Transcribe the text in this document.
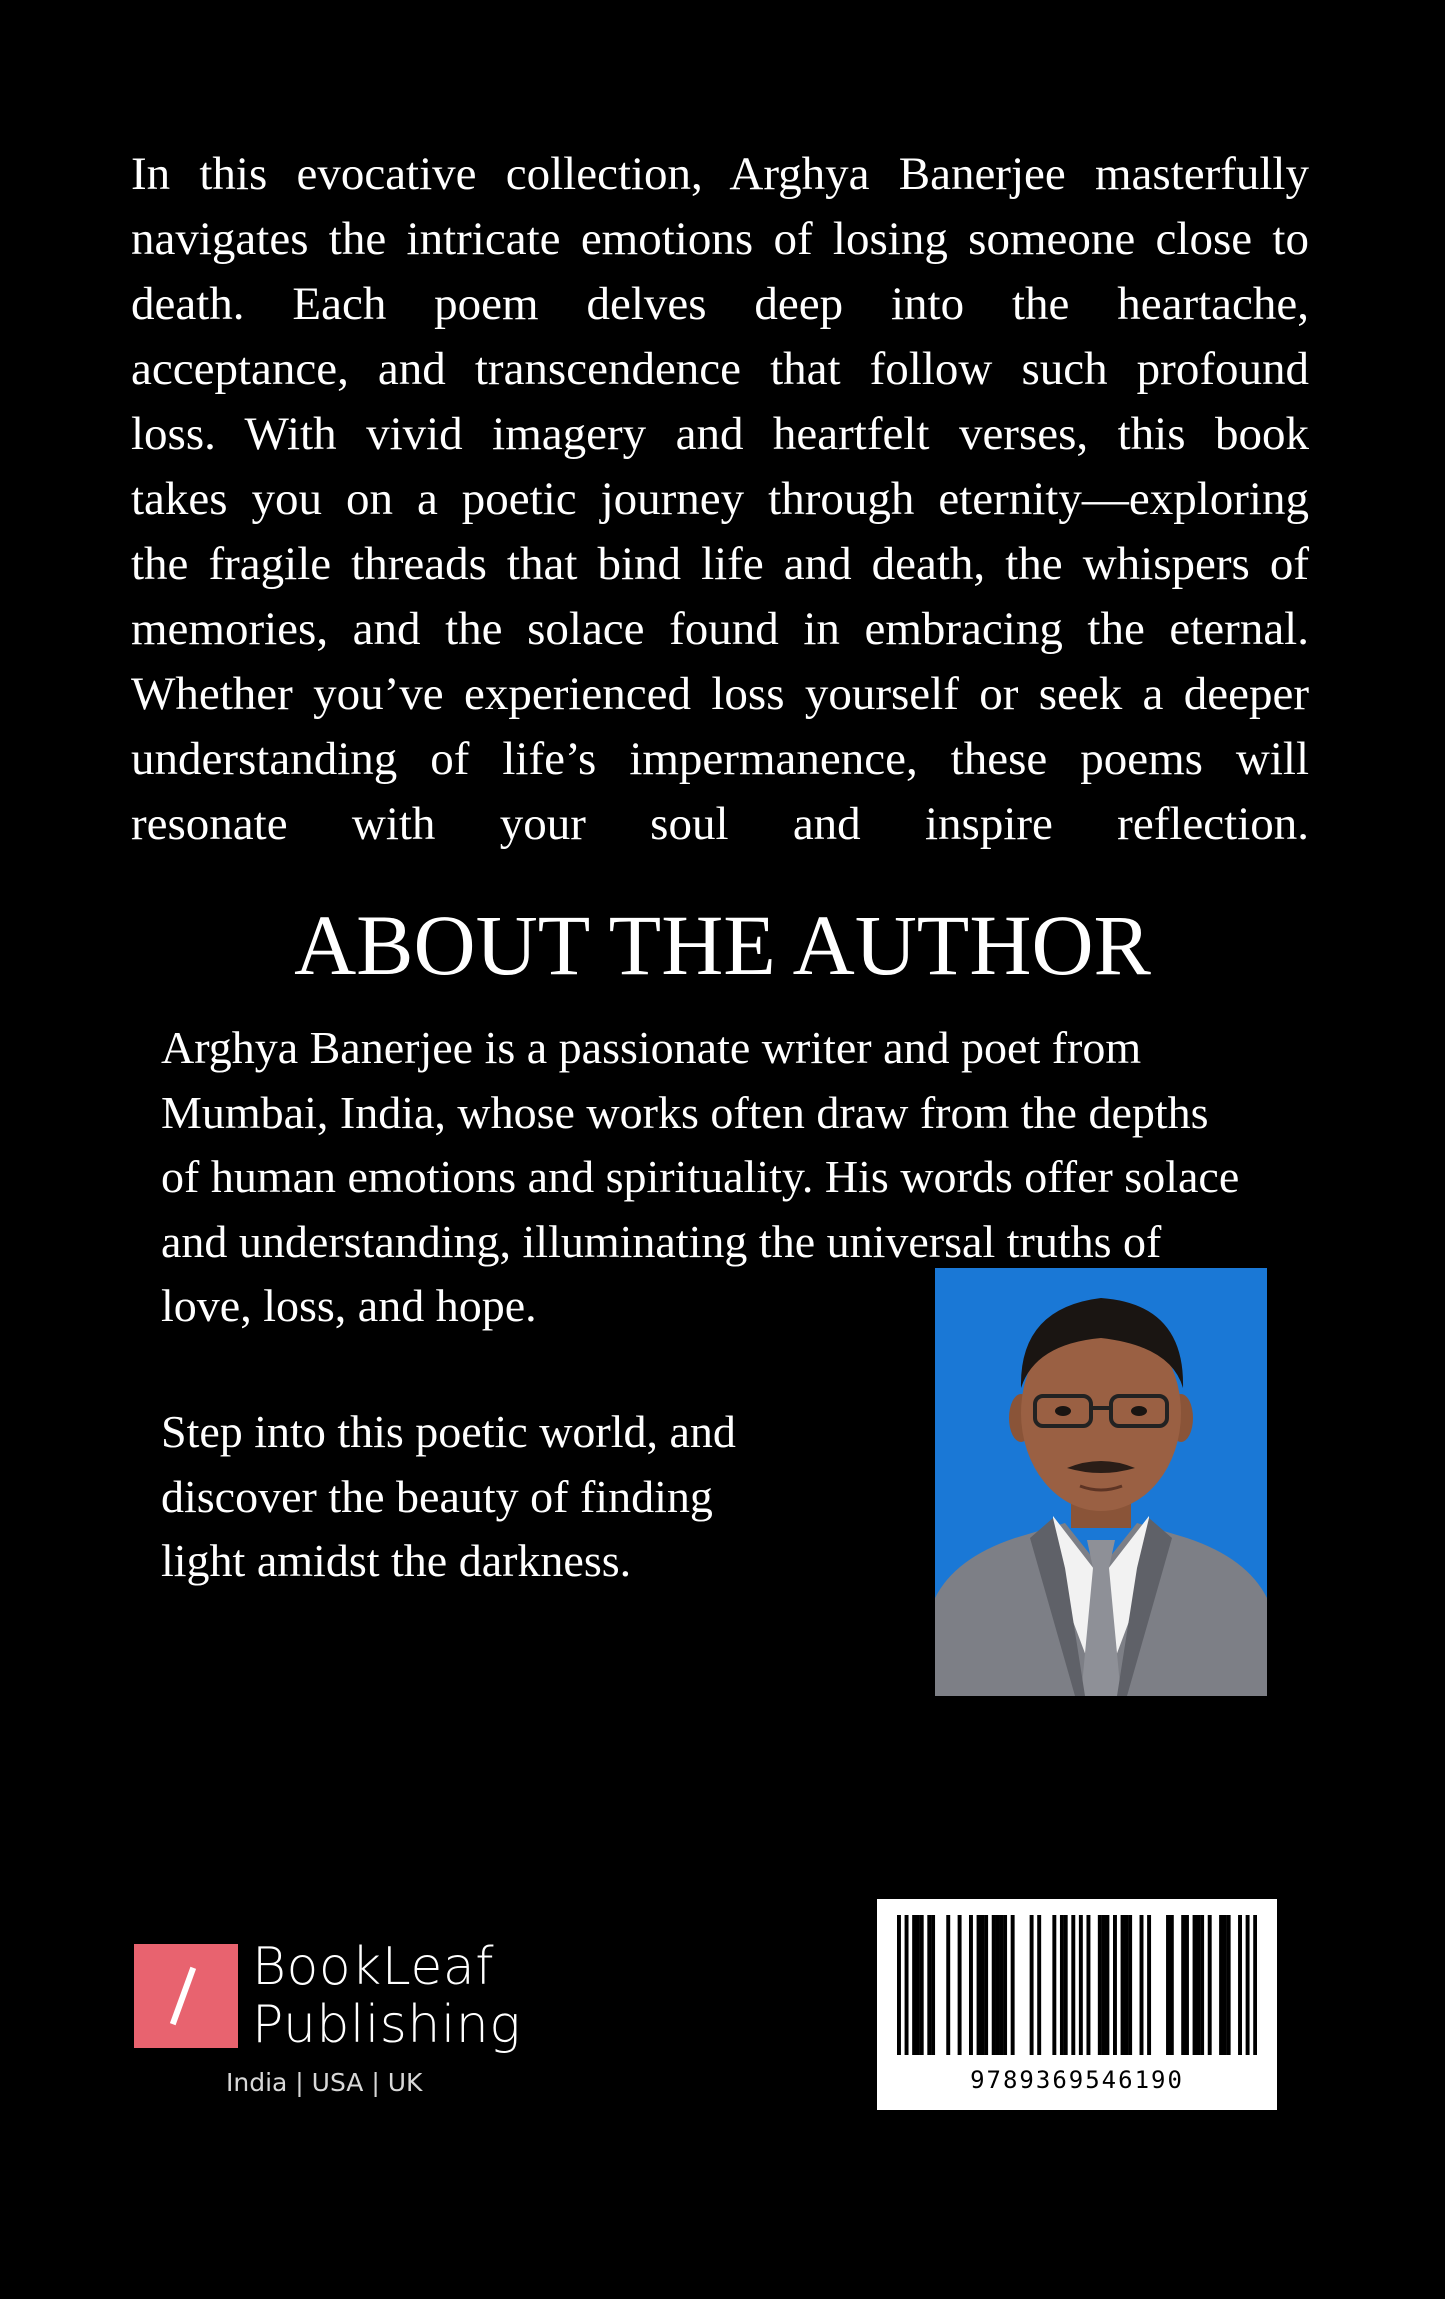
In this evocative collection, Arghya Banerjee masterfully
navigates the intricate emotions of losing someone close to
death. Each poem delves deep into the heartache,
acceptance, and transcendence that follow such profound
loss. With vivid imagery and heartfelt verses, this book
takes you on a poetic journey through eternity—exploring
the fragile threads that bind life and death, the whispers of
memories, and the solace found in embracing the eternal.
Whether you’ve experienced loss yourself or seek a deeper
understanding of life’s impermanence, these poems will
resonate with your soul and inspire reflection.
ABOUT THE AUTHOR
Arghya Banerjee is a passionate writer and poet from
Mumbai, India, whose works often draw from the depths
of human emotions and spirituality. His words offer solace
and understanding, illuminating the universal truths of
love, loss, and hope.
Step into this poetic world, and
discover the beauty of finding
light amidst the darkness.
BookLeaf
Publishing
India | USA | UK	9789369546190
